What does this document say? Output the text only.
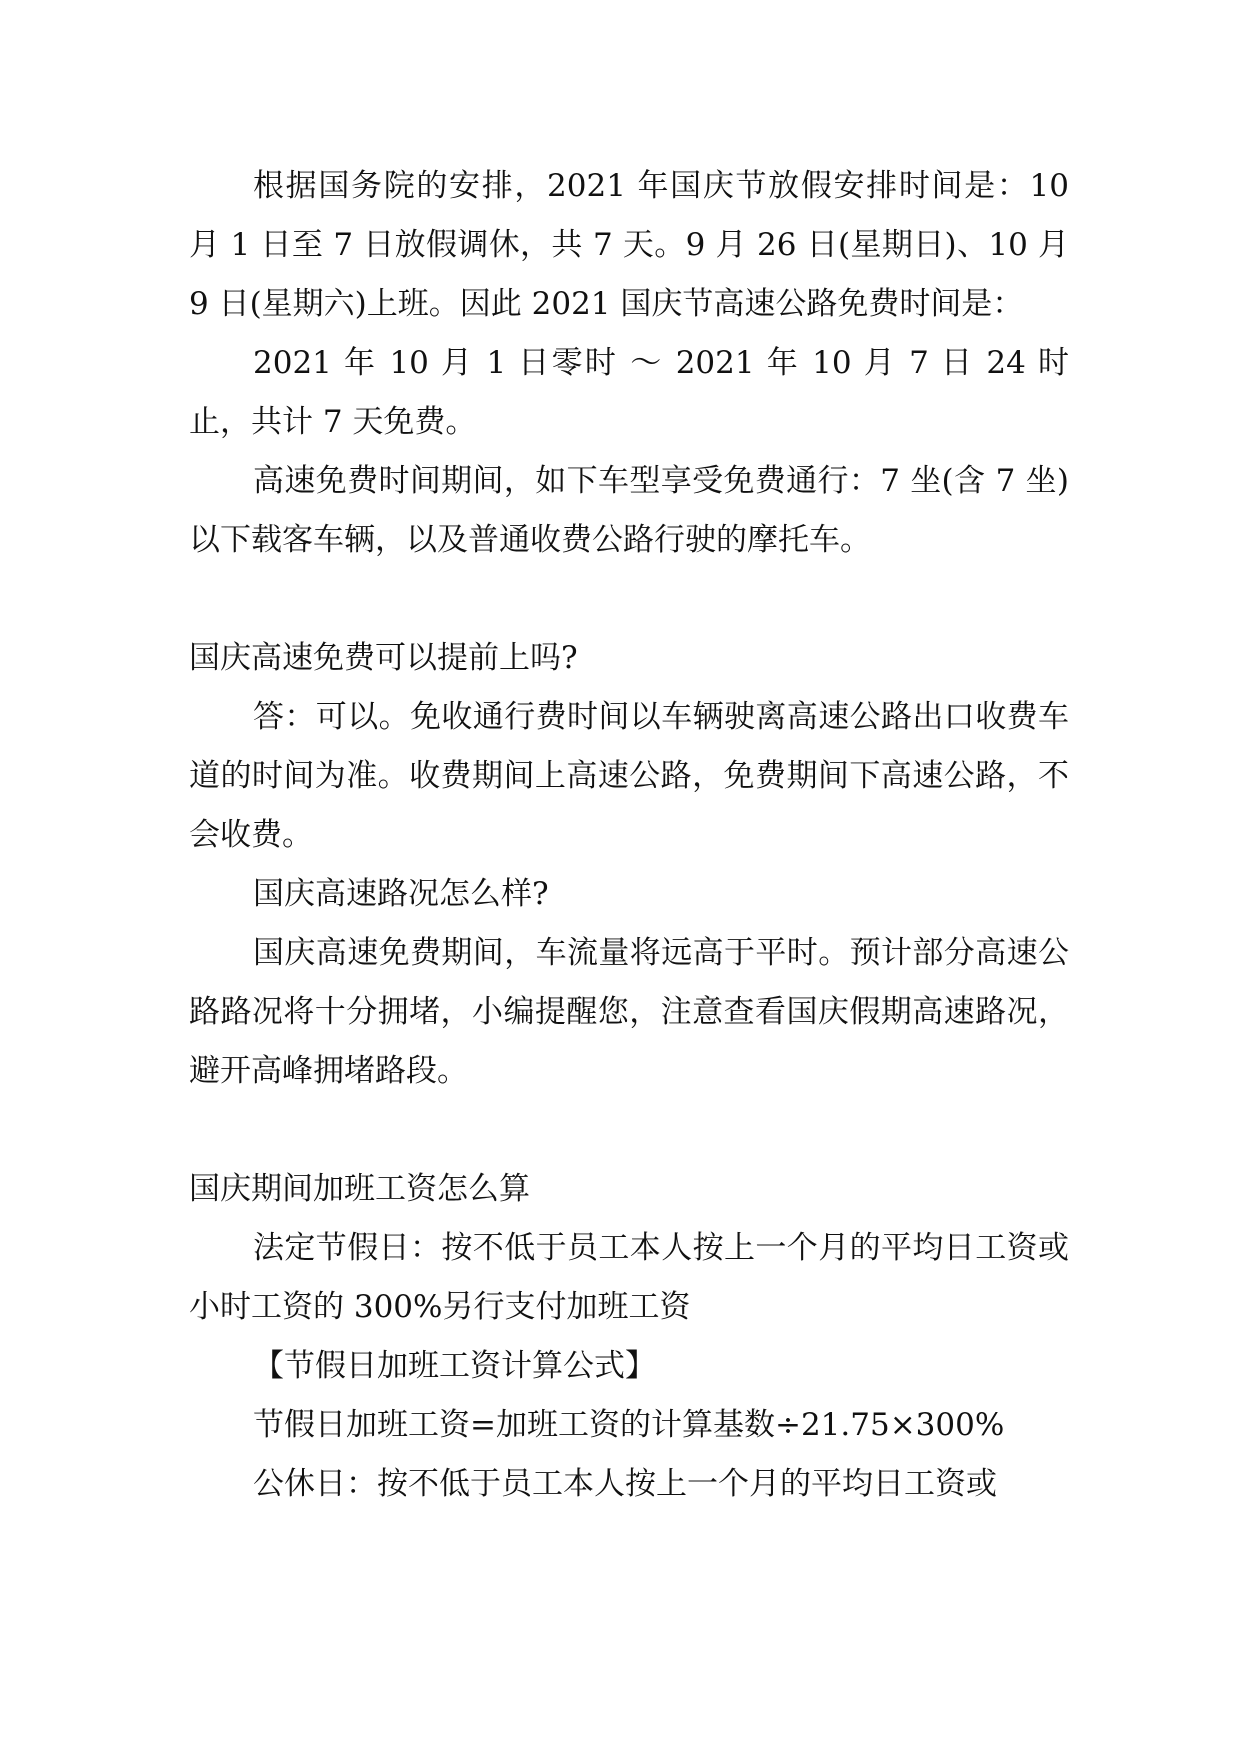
根据国务院的安排，2021 年国庆节放假安排时间是：10 月 1 日至 7 日放假调休，共 7 天。9 月 26 日(星期日)、10 月 9 日(星期六)上班。因此 2021 国庆节高速公路免费时间是：

2021 年 10 月 1 日零时 ～ 2021 年 10 月 7 日 24 时止，共计 7 天免费。

高速免费时间期间，如下车型享受免费通行：7 坐(含 7 坐)以下载客车辆，以及普通收费公路行驶的摩托车。

国庆高速免费可以提前上吗?

答：可以。免收通行费时间以车辆驶离高速公路出口收费车道的时间为准。收费期间上高速公路，免费期间下高速公路，不会收费。

国庆高速路况怎么样?

国庆高速免费期间，车流量将远高于平时。预计部分高速公路路况将十分拥堵，小编提醒您，注意查看国庆假期高速路况，避开高峰拥堵路段。

国庆期间加班工资怎么算

法定节假日：按不低于员工本人按上一个月的平均日工资或小时工资的 300%另行支付加班工资

【节假日加班工资计算公式】

节假日加班工资=加班工资的计算基数÷21.75×300%

公休日：按不低于员工本人按上一个月的平均日工资或
